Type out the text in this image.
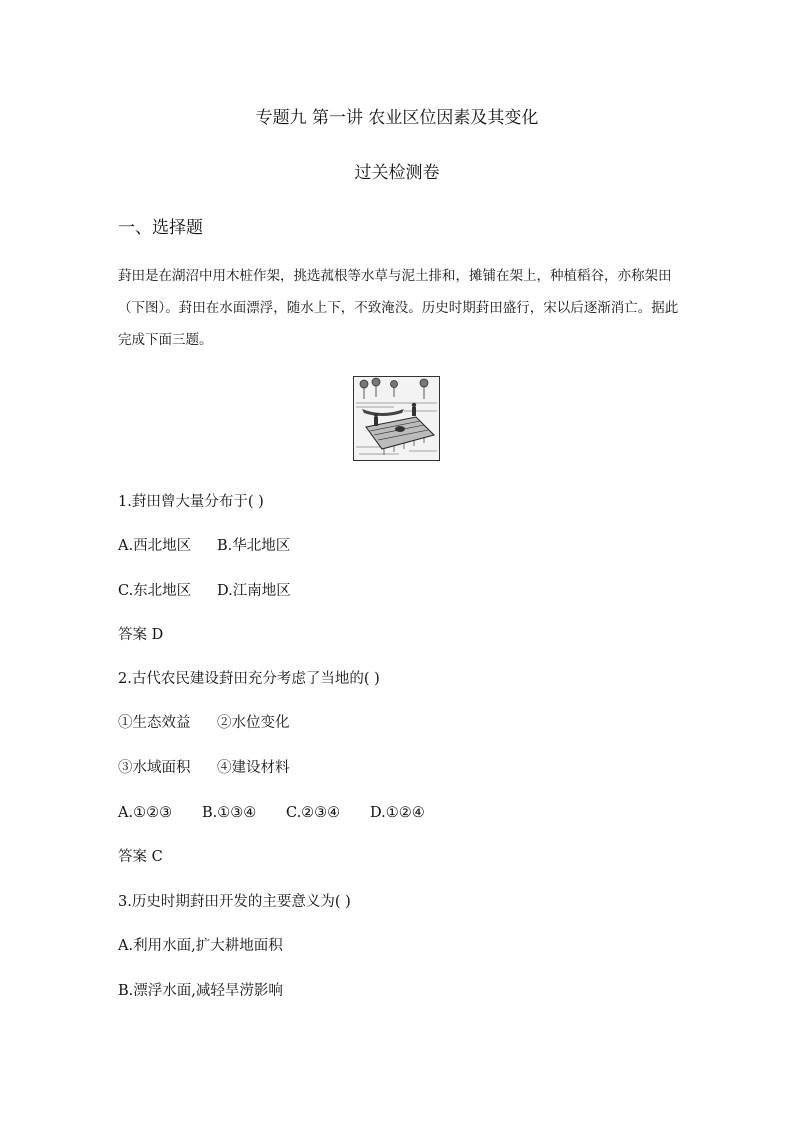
专题九 第一讲 农业区位因素及其变化
过关检测卷
一、选择题
葑田是在湖沼中用木桩作架，挑选菰根等水草与泥土排和，摊铺在架上，种植稻谷，亦称架田
（下图）。葑田在水面漂浮，随水上下，不致淹没。历史时期葑田盛行，宋以后逐渐消亡。据此
完成下面三题。
1.葑田曾大量分布于( )
A.西北地区 B.华北地区
C.东北地区 D.江南地区
答案 D
2.古代农民建设葑田充分考虑了当地的( )
①生态效益 ②水位变化
③水域面积 ④建设材料
A.①②③ B.①③④ C.②③④ D.①②④
答案 C
3.历史时期葑田开发的主要意义为( )
A.利用水面,扩大耕地面积
B.漂浮水面,减轻旱涝影响
